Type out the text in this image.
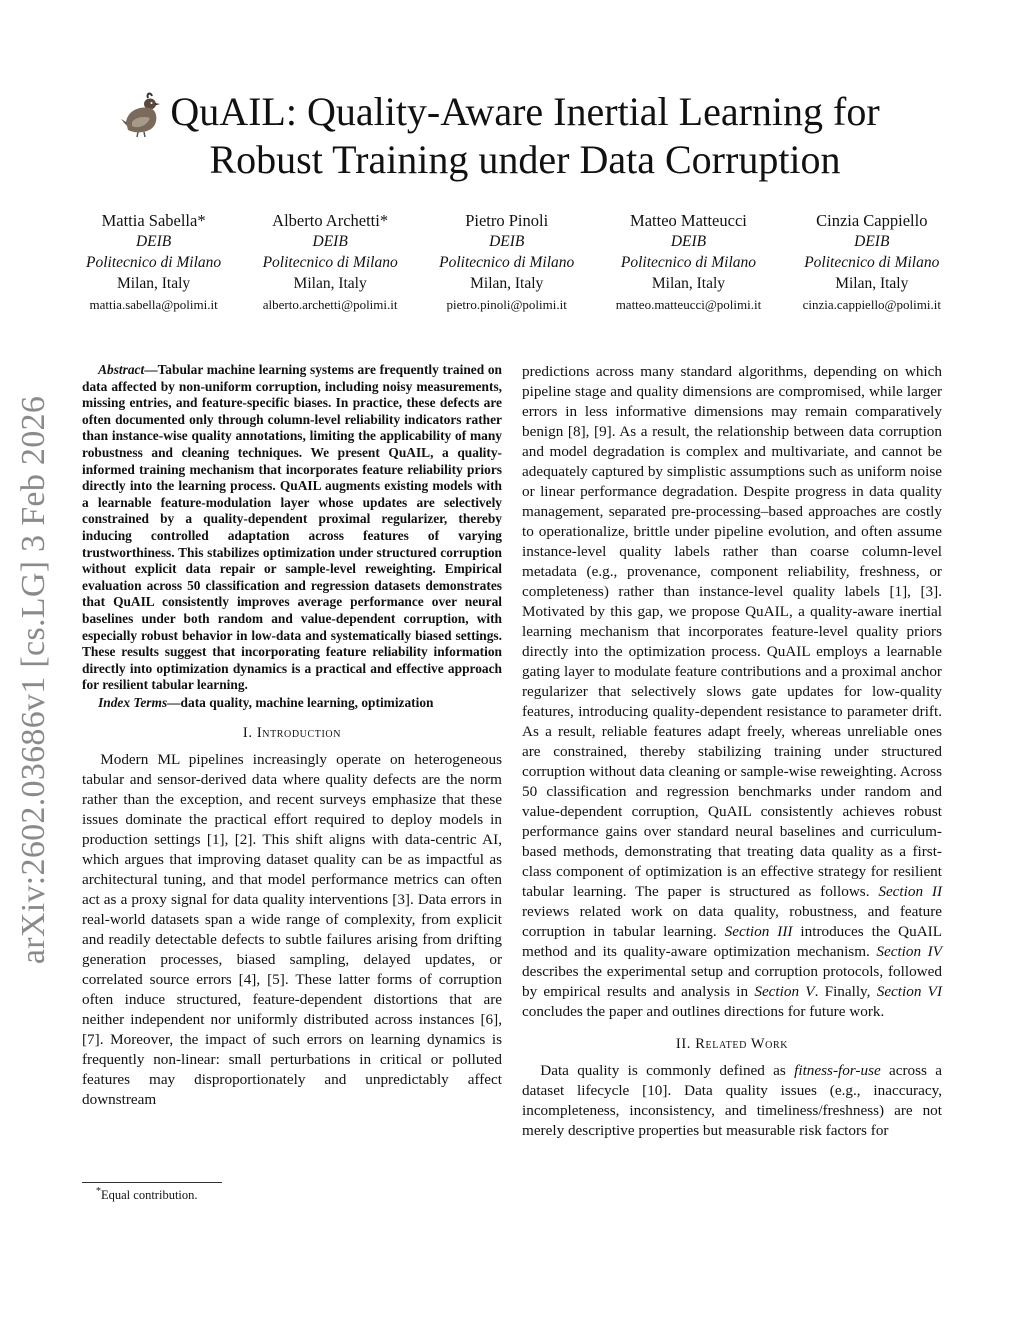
arXiv:2602.03686v1 [cs.LG] 3 Feb 2026
QuAIL: Quality-Aware Inertial Learning for
Robust Training under Data Corruption
Mattia Sabella*
DEIB
Politecnico di Milano
Milan, Italy
mattia.sabella@polimi.it
Alberto Archetti*
DEIB
Politecnico di Milano
Milan, Italy
alberto.archetti@polimi.it
Pietro Pinoli
DEIB
Politecnico di Milano
Milan, Italy
pietro.pinoli@polimi.it
Matteo Matteucci
DEIB
Politecnico di Milano
Milan, Italy
matteo.matteucci@polimi.it
Cinzia Cappiello
DEIB
Politecnico di Milano
Milan, Italy
cinzia.cappiello@polimi.it

Abstract—Tabular machine learning systems are frequently trained on data affected by non-uniform corruption, including noisy measurements, missing entries, and feature-specific biases. In practice, these defects are often documented only through column-level reliability indicators rather than instance-wise quality annotations, limiting the applicability of many robustness and cleaning techniques. We present QuAIL, a quality-informed training mechanism that incorporates feature reliability priors directly into the learning process. QuAIL augments existing models with a learnable feature-modulation layer whose updates are selectively constrained by a quality-dependent proximal regularizer, thereby inducing controlled adaptation across features of varying trustworthiness. This stabilizes optimization under structured corruption without explicit data repair or sample-level reweighting. Empirical evaluation across 50 classification and regression datasets demonstrates that QuAIL consistently improves average performance over neural baselines under both random and value-dependent corruption, with especially robust behavior in low-data and systematically biased settings. These results suggest that incorporating feature reliability information directly into optimization dynamics is a practical and effective approach for resilient tabular learning.

Index Terms—data quality, machine learning, optimization

I. Introduction

Modern ML pipelines increasingly operate on heterogeneous tabular and sensor-derived data where quality defects are the norm rather than the exception, and recent surveys emphasize that these issues dominate the practical effort required to deploy models in production settings [1], [2]. This shift aligns with data-centric AI, which argues that improving dataset quality can be as impactful as architectural tuning, and that model performance metrics can often act as a proxy signal for data quality interventions [3]. Data errors in real-world datasets span a wide range of complexity, from explicit and readily detectable defects to subtle failures arising from drifting generation processes, biased sampling, delayed updates, or correlated source errors [4], [5]. These latter forms of corruption often induce structured, feature-dependent distortions that are neither independent nor uniformly distributed across instances [6], [7]. Moreover, the impact of such errors on learning dynamics is frequently non-linear: small perturbations in critical or polluted features may disproportionately and unpredictably affect downstream

predictions across many standard algorithms, depending on which pipeline stage and quality dimensions are compromised, while larger errors in less informative dimensions may remain comparatively benign [8], [9]. As a result, the relationship between data corruption and model degradation is complex and multivariate, and cannot be adequately captured by simplistic assumptions such as uniform noise or linear performance degradation. Despite progress in data quality management, separated pre-processing–based approaches are costly to operationalize, brittle under pipeline evolution, and often assume instance-level quality labels rather than coarse column-level metadata (e.g., provenance, component reliability, freshness, or completeness) rather than instance-level quality labels [1], [3]. Motivated by this gap, we propose QuAIL, a quality-aware inertial learning mechanism that incorporates feature-level quality priors directly into the optimization process. QuAIL employs a learnable gating layer to modulate feature contributions and a proximal anchor regularizer that selectively slows gate updates for low-quality features, introducing quality-dependent resistance to parameter drift. As a result, reliable features adapt freely, whereas unreliable ones are constrained, thereby stabilizing training under structured corruption without data cleaning or sample-wise reweighting. Across 50 classification and regression benchmarks under random and value-dependent corruption, QuAIL consistently achieves robust performance gains over standard neural baselines and curriculum-based methods, demonstrating that treating data quality as a first-class component of optimization is an effective strategy for resilient tabular learning. The paper is structured as follows. Section II reviews related work on data quality, robustness, and feature corruption in tabular learning. Section III introduces the QuAIL method and its quality-aware optimization mechanism. Section IV describes the experimental setup and corruption protocols, followed by empirical results and analysis in Section V. Finally, Section VI concludes the paper and outlines directions for future work.

II. Related Work

Data quality is commonly defined as fitness-for-use across a dataset lifecycle [10]. Data quality issues (e.g., inaccuracy, incompleteness, inconsistency, and timeliness/freshness) are not merely descriptive properties but measurable risk factors for

*Equal contribution.
